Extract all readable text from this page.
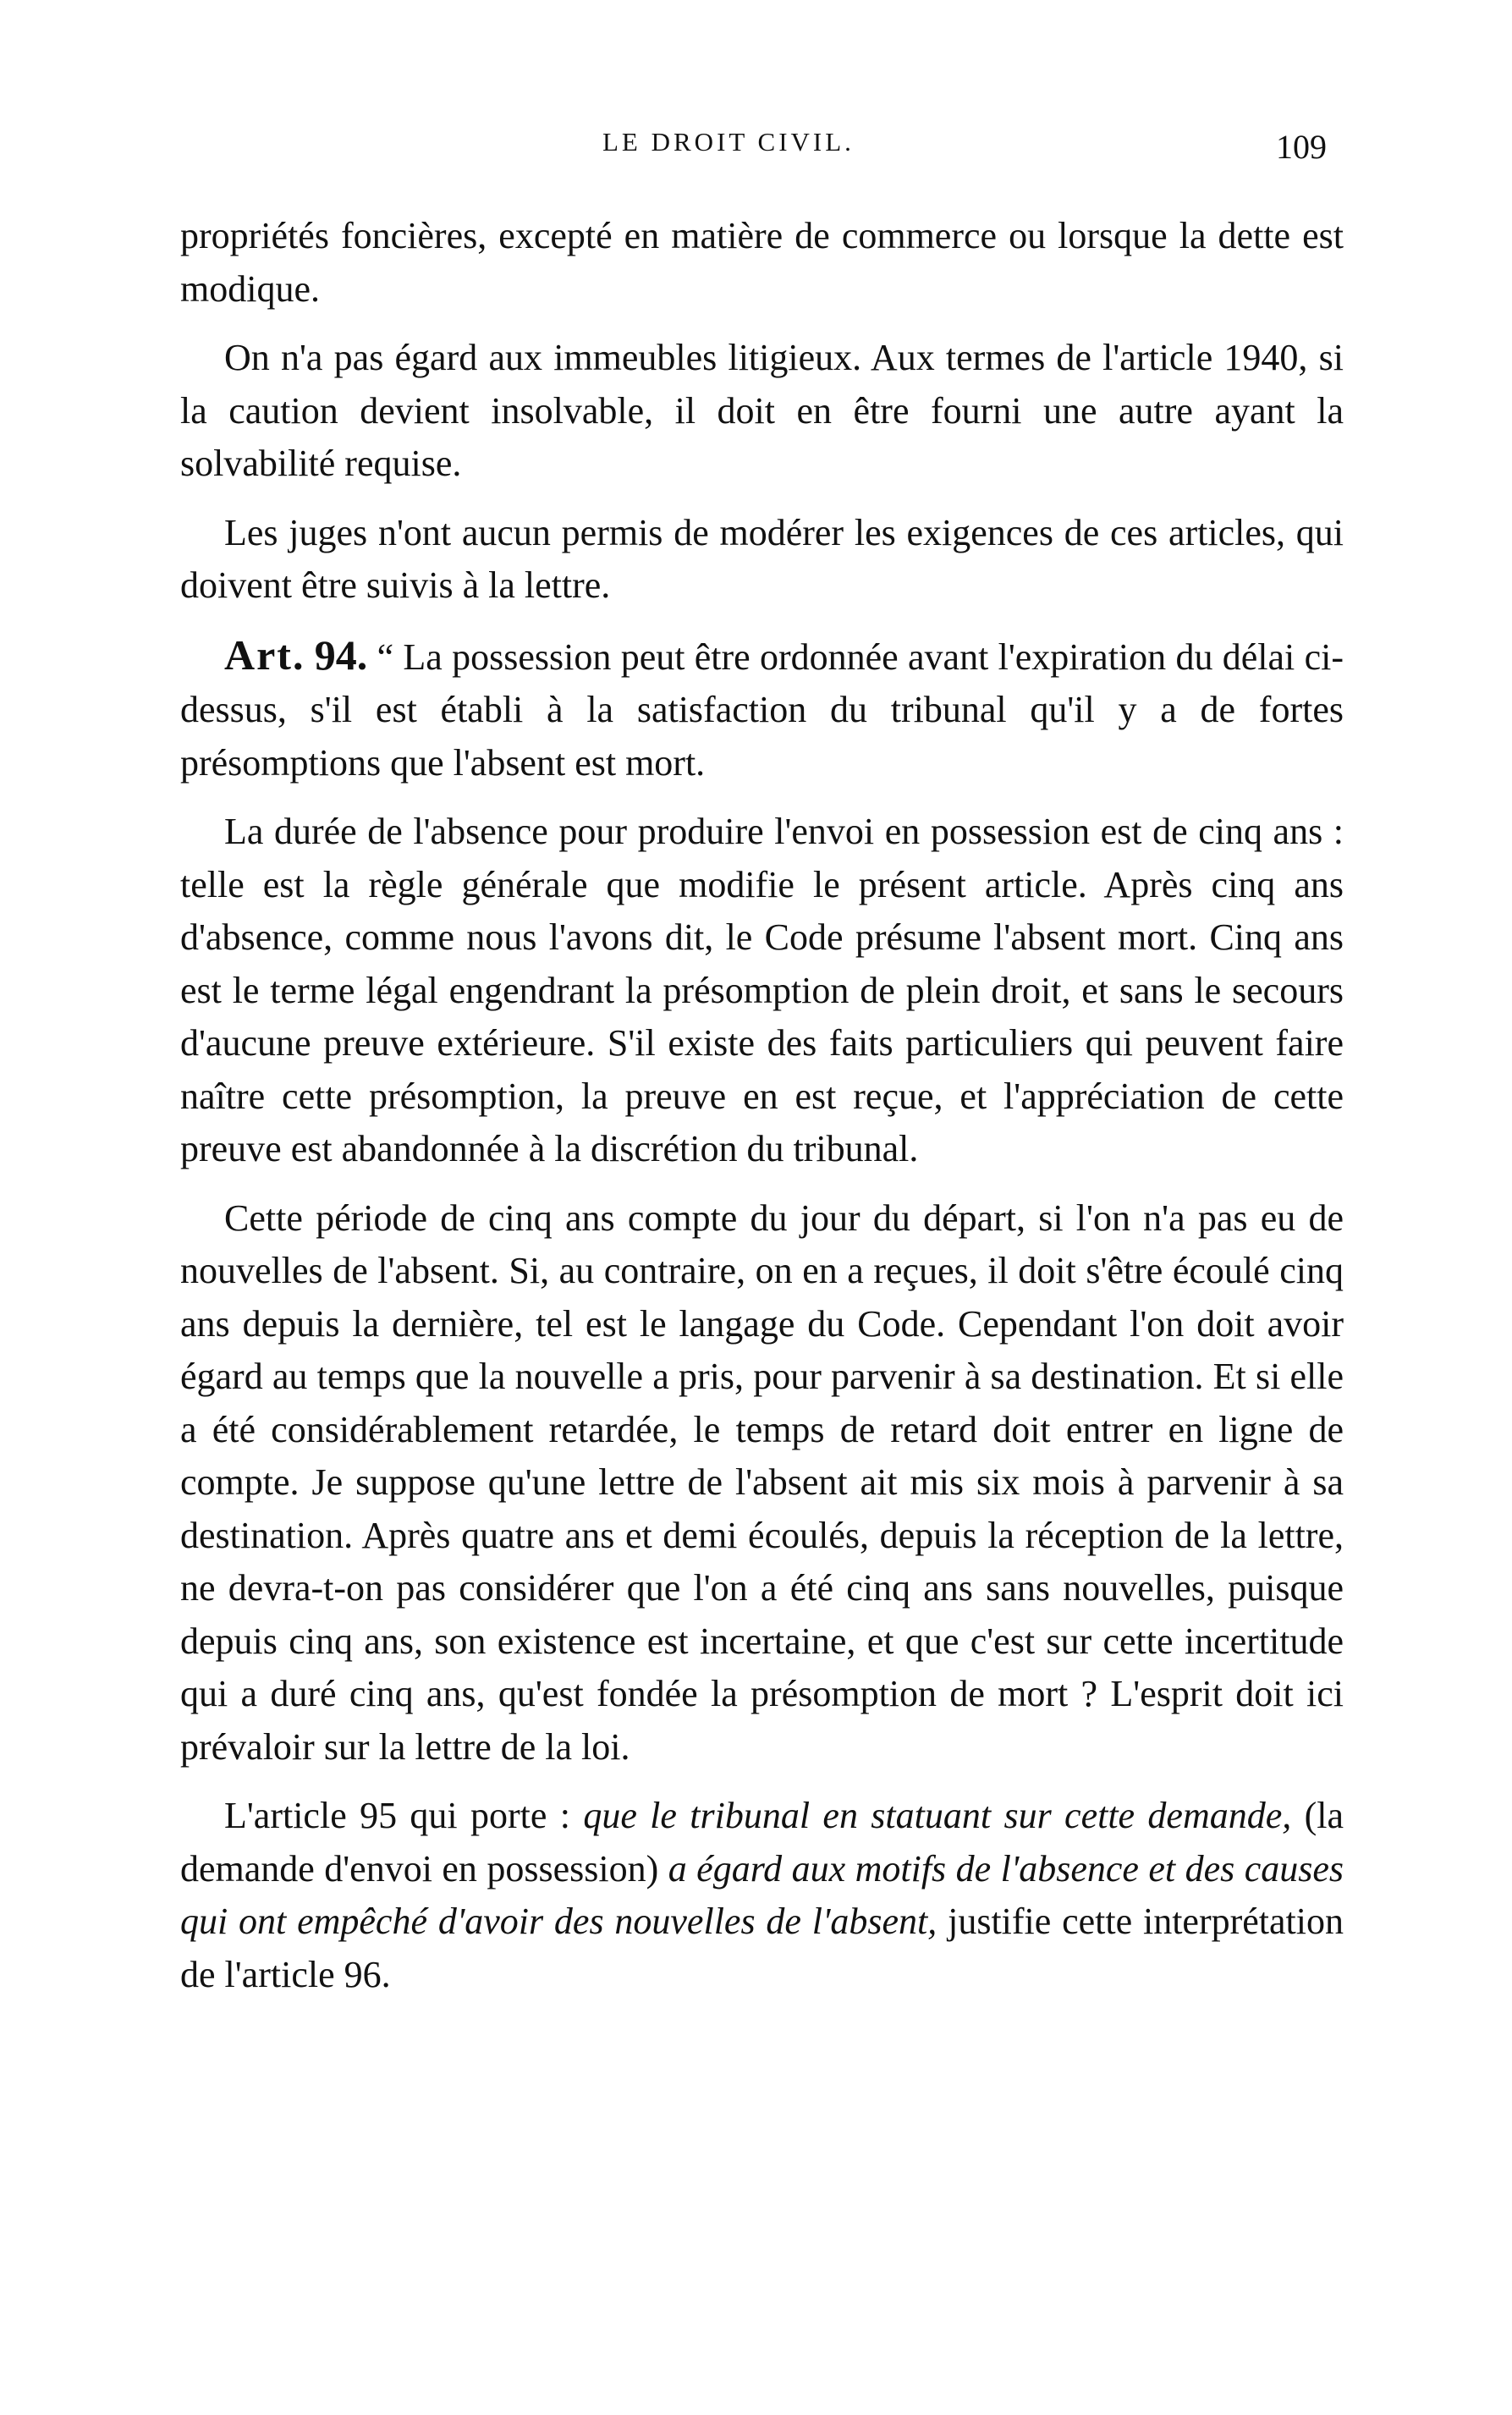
LE DROIT CIVIL.	109

propriétés foncières, excepté en matière de commerce ou lorsque la dette est modique.

On n'a pas égard aux immeubles litigieux. Aux termes de l'article 1940, si la caution devient insolvable, il doit en être fourni une autre ayant la solvabilité requise.

Les juges n'ont aucun permis de modérer les exigences de ces articles, qui doivent être suivis à la lettre.

Art. 94. “ La possession peut être ordonnée avant l'expiration du délai ci-dessus, s'il est établi à la satisfaction du tribunal qu'il y a de fortes présomptions que l'absent est mort.

La durée de l'absence pour produire l'envoi en possession est de cinq ans : telle est la règle générale que modifie le présent article. Après cinq ans d'absence, comme nous l'avons dit, le Code présume l'absent mort. Cinq ans est le terme légal engendrant la présomption de plein droit, et sans le secours d'aucune preuve extérieure. S'il existe des faits particuliers qui peuvent faire naître cette présomption, la preuve en est reçue, et l'appréciation de cette preuve est abandonnée à la discrétion du tribunal.

Cette période de cinq ans compte du jour du départ, si l'on n'a pas eu de nouvelles de l'absent. Si, au contraire, on en a reçues, il doit s'être écoulé cinq ans depuis la dernière, tel est le langage du Code. Cependant l'on doit avoir égard au temps que la nouvelle a pris, pour parvenir à sa destination. Et si elle a été considérablement retardée, le temps de retard doit entrer en ligne de compte. Je suppose qu'une lettre de l'absent ait mis six mois à parvenir à sa destination. Après quatre ans et demi écoulés, depuis la réception de la lettre, ne devra-t-on pas considérer que l'on a été cinq ans sans nouvelles, puisque depuis cinq ans, son existence est incertaine, et que c'est sur cette incertitude qui a duré cinq ans, qu'est fondée la présomption de mort ? L'esprit doit ici prévaloir sur la lettre de la loi.

L'article 95 qui porte : que le tribunal en statuant sur cette demande, (la demande d'envoi en possession) a égard aux motifs de l'absence et des causes qui ont empêché d'avoir des nouvelles de l'absent, justifie cette interprétation de l'article 96.
